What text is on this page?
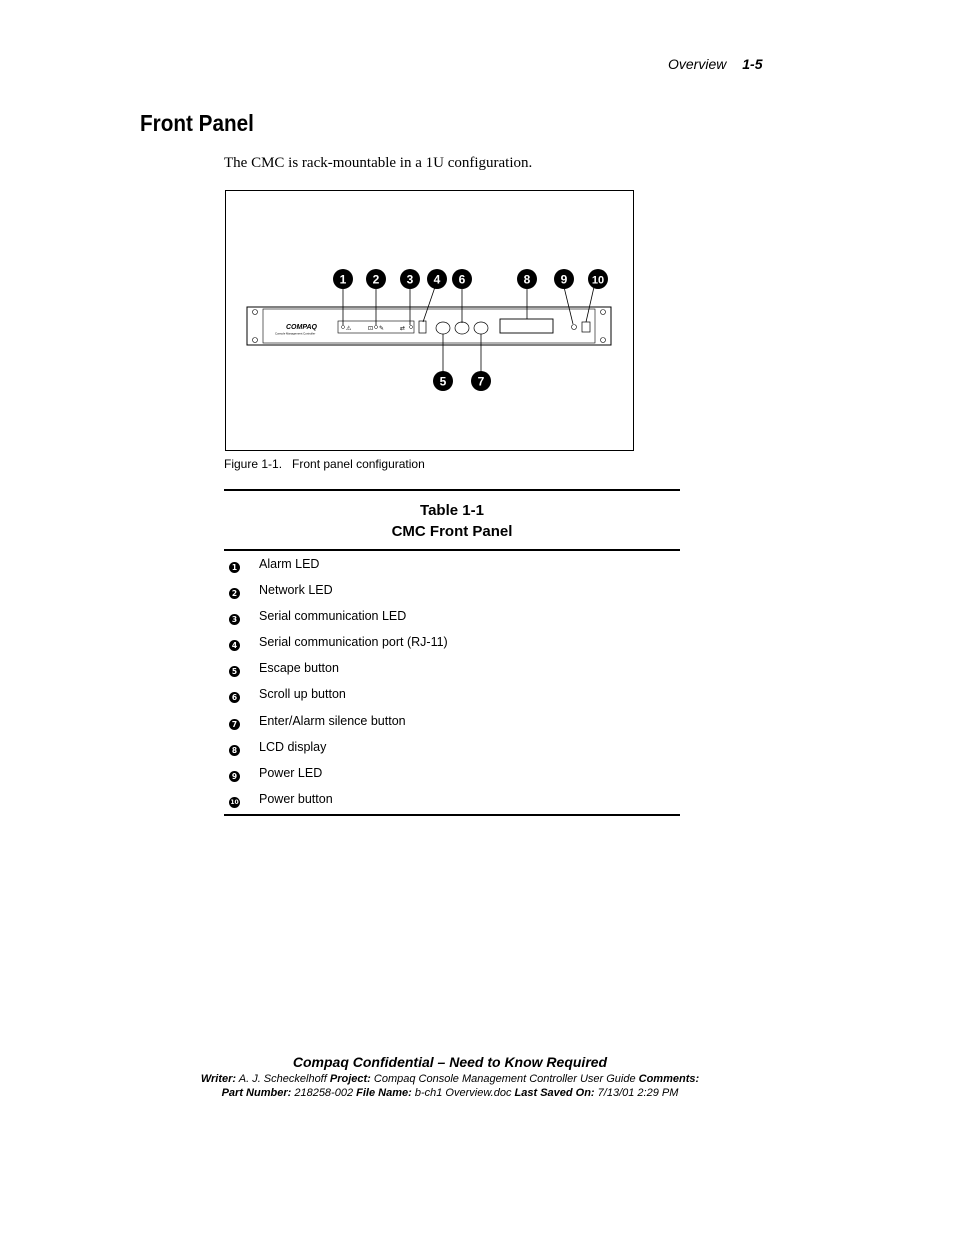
Overview 1-5
Front Panel
The CMC is rack-mountable in a 1U configuration.
COMPAQ
Console Management Controller
⚠	⊡ ✎	⇄
1 2 3 4 6	8	9 10
5	7
Figure 1-1. Front panel configuration
Table 1-1
CMC Front Panel
1 Alarm LED
2 Network LED
3 Serial communication LED
4 Serial communication port (RJ-11)
5 Escape button
6 Scroll up button
7 Enter/Alarm silence button
8 LCD display
9 Power LED
10 Power button
Compaq Confidential – Need to Know Required
Writer: A. J. Scheckelhoff Project: Compaq Console Management Controller User Guide Comments:
Part Number: 218258-002 File Name: b-ch1 Overview.doc Last Saved On: 7/13/01 2:29 PM
